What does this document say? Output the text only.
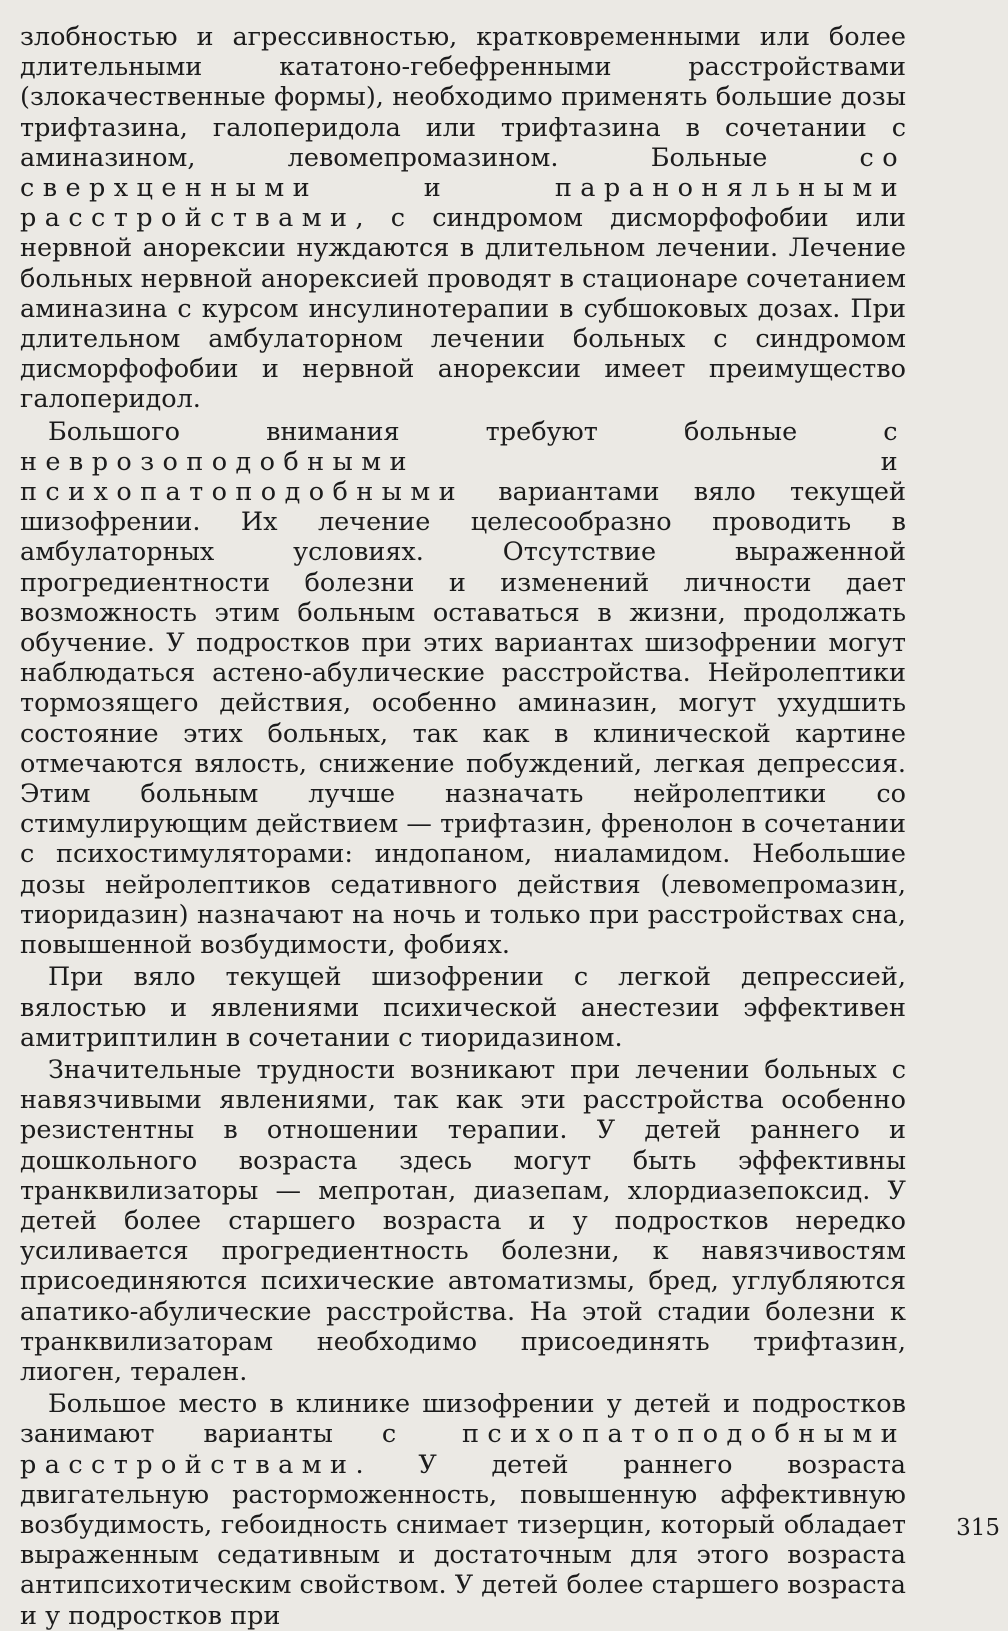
злобностью и агрессивностью, кратковременными или более длительными кататоно-гебефренными расстройствами (злокачественные формы), необходимо применять большие дозы трифтазина, галоперидола или трифтазина в сочетании с аминазином, левомепромазином. Больные со сверхценными и параноняльными расстройствами, с синдромом дисморфофобии или нервной анорексии нуждаются в длительном лечении. Лечение больных нервной анорексией проводят в стационаре сочетанием аминазина с курсом инсулинотерапии в субшоковых дозах. При длительном амбулаторном лечении больных с синдромом дисморфофобии и нервной анорексии имеет преимущество галоперидол.

Большого внимания требуют больные с неврозоподобными и психопатоподобными вариантами вяло текущей шизофрении. Их лечение целесообразно проводить в амбулаторных условиях. Отсутствие выраженной прогредиентности болезни и изменений личности дает возможность этим больным оставаться в жизни, продолжать обучение. У подростков при этих вариантах шизофрении могут наблюдаться астено-абулические расстройства. Нейролептики тормозящего действия, особенно аминазин, могут ухудшить состояние этих больных, так как в клинической картине отмечаются вялость, снижение побуждений, легкая депрессия. Этим больным лучше назначать нейролептики со стимулирующим действием — трифтазин, френолон в сочетании с психостимуляторами: индопаном, ниаламидом. Небольшие дозы нейролептиков седативного действия (левомепромазин, тиоридазин) назначают на ночь и только при расстройствах сна, повышенной возбудимости, фобиях.

При вяло текущей шизофрении с легкой депрессией, вялостью и явлениями психической анестезии эффективен амитриптилин в сочетании с тиоридазином.

Значительные трудности возникают при лечении больных с навязчивыми явлениями, так как эти расстройства особенно резистентны в отношении терапии. У детей раннего и дошкольного возраста здесь могут быть эффективны транквилизаторы — мепротан, диазепам, хлордиазепоксид. У детей более старшего возраста и у подростков нередко усиливается прогредиентность болезни, к навязчивостям присоединяются психические автоматизмы, бред, углубляются апатико-абулические расстройства. На этой стадии болезни к транквилизаторам необходимо присоединять трифтазин, лиоген, терален.

Большое место в клинике шизофрении у детей и подростков занимают варианты с психопатоподобными расстройствами. У детей раннего возраста двигательную расторможенность, повышенную аффективную возбудимость, гебоидность снимает тизерцин, который обладает выраженным седативным и достаточным для этого возраста антипсихотическим свойством. У детей более старшего возраста и у подростков при

315
